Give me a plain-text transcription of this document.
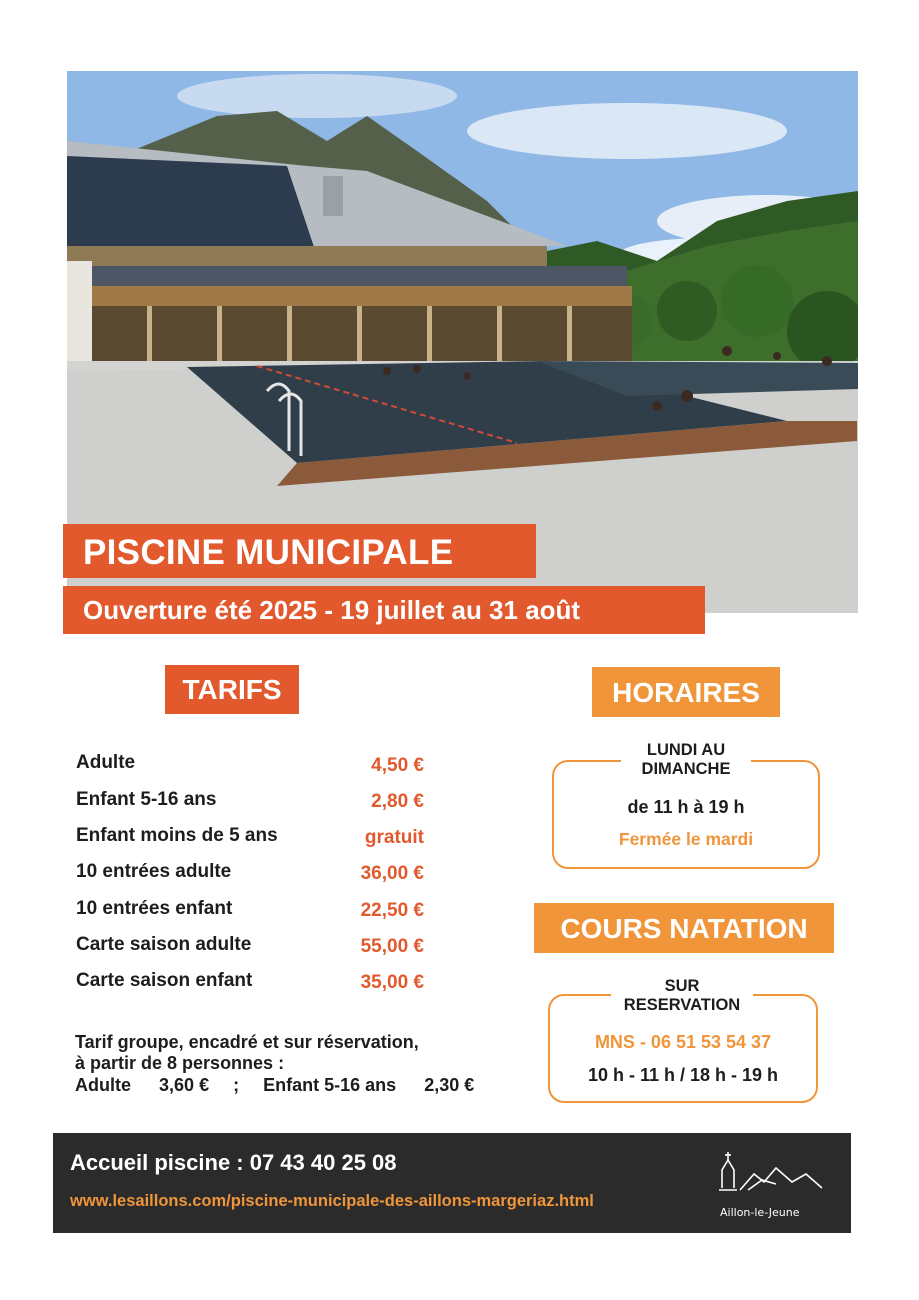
PISCINE MUNICIPALE
Ouverture été 2025 - 19 juillet au 31 août
TARIFS
Adulte	4,50 €
Enfant 5-16 ans	2,80 €
Enfant moins de 5 ans	gratuit
10 entrées adulte	36,00 €
10 entrées enfant	22,50 €
Carte saison adulte	55,00 €
Carte saison enfant	35,00 €
Tarif groupe, encadré et sur réservation,
à partir de 8 personnes :
Adulte 3,60 € ; Enfant 5-16 ans 2,30 €
HORAIRES
LUNDI AU
DIMANCHE
de 11 h à 19 h
Fermée le mardi
COURS NATATION
SUR
RESERVATION
MNS - 06 51 53 54 37
10 h - 11 h / 18 h - 19 h
Accueil piscine : 07 43 40 25 08
www.lesaillons.com/piscine-municipale-des-aillons-margeriaz.html
Aillon-le-Jeune
